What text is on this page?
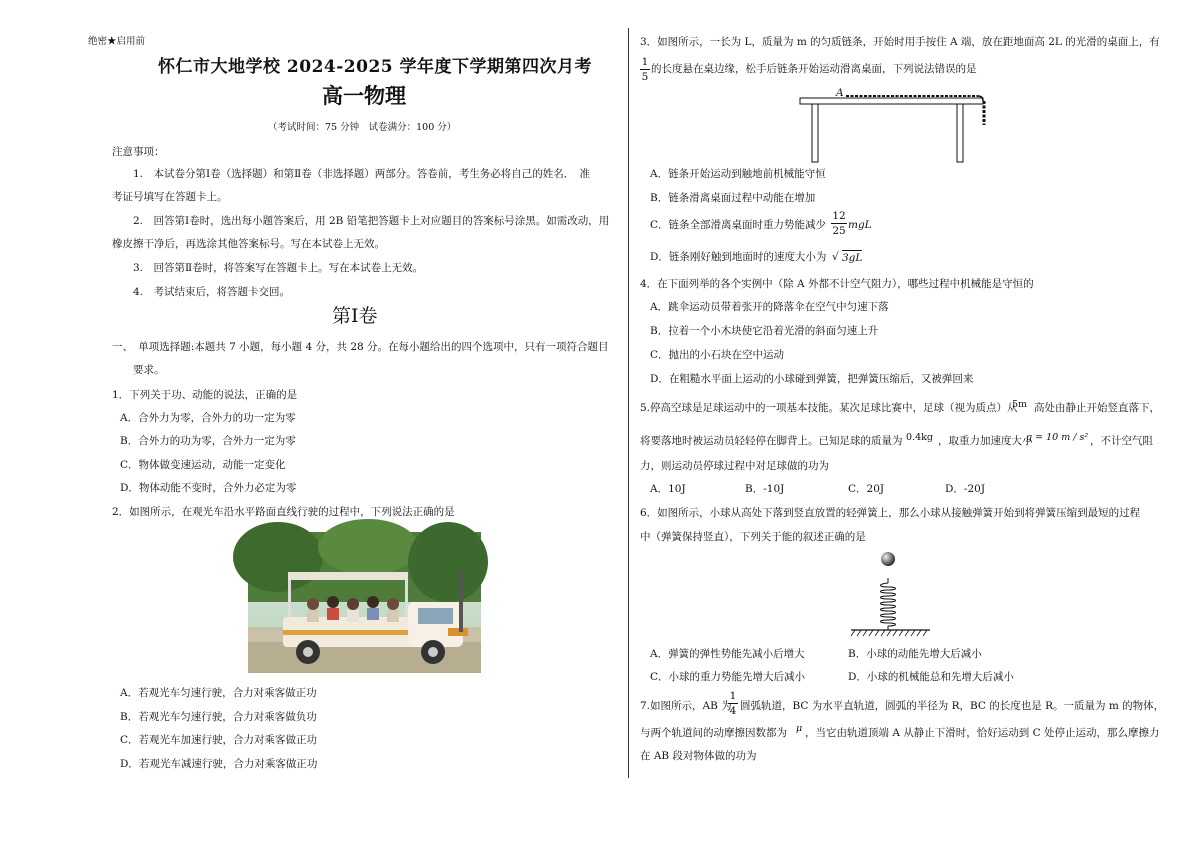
绝密★启用前
怀仁市大地学校 2024-2025 学年度下学期第四次月考
高一物理
（考试时间：75 分钟　试卷满分：100 分）
注意事项：
1.　本试卷分第Ⅰ卷（选择题）和第Ⅱ卷（非选择题）两部分。答卷前，考生务必将自己的姓名．　准
考证号填写在答题卡上。
2.　回答第Ⅰ卷时，选出每小题答案后，用 2B 铅笔把答题卡上对应题目的答案标号涂黑。如需改动，用
橡皮擦干净后，再选涂其他答案标号。写在本试卷上无效。
3.　回答第Ⅱ卷时，将答案写在答题卡上。写在本试卷上无效。
4.　考试结束后，将答题卡交回。
第Ⅰ卷
一、　单项选择题:本题共 7 小题，每小题 4 分，共 28 分。在每小题给出的四个选项中，只有一项符合题目
要求。
1．下列关于功、动能的说法，正确的是
A．合外力为零，合外力的功一定为零
B．合外力的功为零，合外力一定为零
C．物体做变速运动，动能一定变化
D．物体动能不变时，合外力必定为零
2．如图所示，在观光车沿水平路面直线行驶的过程中，下列说法正确的是
A．若观光车匀速行驶，合力对乘客做正功
B．若观光车匀速行驶，合力对乘客做负功
C．若观光车加速行驶，合力对乘客做正功
D．若观光车减速行驶，合力对乘客做正功
3．如图所示，一长为 L，质量为 m 的匀质链条，开始时用手按住 A 端，放在距地面高 2L 的光滑的桌面上，有
1
5
的长度悬在桌边缘，松手后链条开始运动滑离桌面，下列说法错误的是
A
A．链条开始运动到触地前机械能守恒
B．链条滑离桌面过程中动能在增加
C．链条全部滑离桌面时重力势能减少
12
25 mgL
D．链条刚好触到地面时的速度大小为 √ 3gL
4．在下面列举的各个实例中（除 A 外都不计空气阻力），哪些过程中机械能是守恒的
A．跳伞运动员带着张开的降落伞在空气中匀速下落
B．拉着一个小木块使它沿着光滑的斜面匀速上升
C．抛出的小石块在空中运动
D．在粗糙水平面上运动的小球碰到弹簧，把弹簧压缩后，又被弹回来
5.停高空球是足球运动中的一项基本技能。某次足球比赛中，足球（视为质点）从
5m 高处由静止开始竖直落下，
将要落地时被运动员轻轻停在脚背上。已知足球的质量为 0.4kg ，取重力加速度大小
g = 10 m / s² ，不计空气阻
力，则运动员停球过程中对足球做的功为
A．10J	B．-10J	C．20J	D．-20J
6．如图所示，小球从高处下落到竖直放置的轻弹簧上，那么小球从接触弹簧开始到将弹簧压缩到最短的过程
中（弹簧保持竖直），下列关于能的叙述正确的是
A．弹簧的弹性势能先减小后增大	B．小球的动能先增大后减小
C．小球的重力势能先增大后减小	D．小球的机械能总和先增大后减小
7.如图所示，AB 为
1
4 圆弧轨道，BC 为水平直轨道，圆弧的半径为 R，BC 的长度也是 R。一质量为 m 的物体，
与两个轨道间的动摩擦因数都为 μ ，当它由轨道顶端 A 从静止下滑时，恰好运动到 C 处停止运动，那么摩擦力
在 AB 段对物体做的功为
